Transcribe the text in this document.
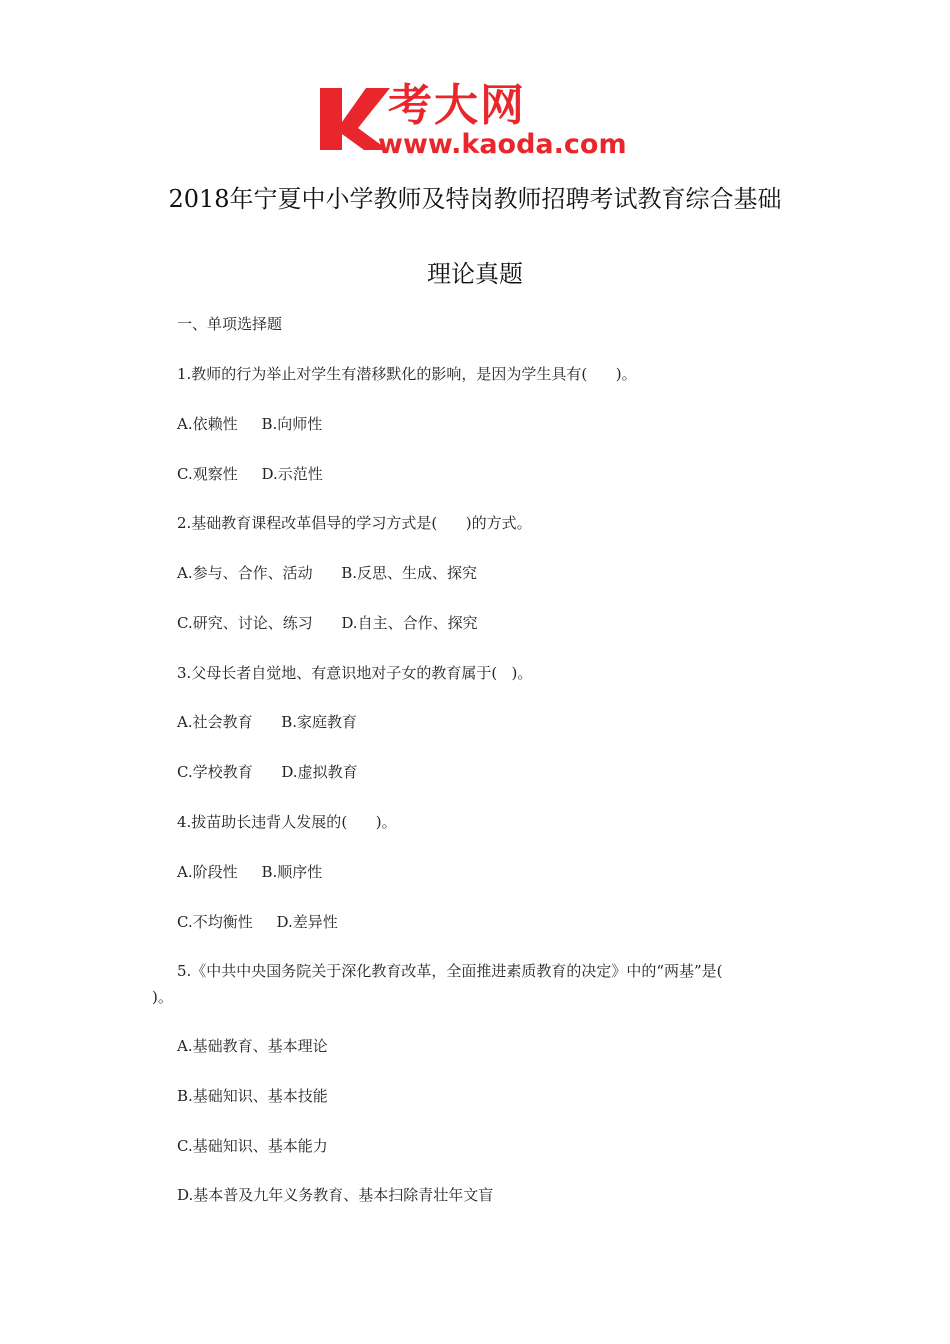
考大网
www.kaoda.com
2018年宁夏中小学教师及特岗教师招聘考试教育综合基础
理论真题
一、单项选择题
1.教师的行为举止对学生有潜移默化的影响，是因为学生具有(      )。
A.依赖性     B.向师性
C.观察性     D.示范性
2.基础教育课程改革倡导的学习方式是(      )的方式。
A.参与、合作、活动      B.反思、生成、探究
C.研究、讨论、练习      D.自主、合作、探究
3.父母长者自觉地、有意识地对子女的教育属于(   )。
A.社会教育      B.家庭教育
C.学校教育      D.虚拟教育
4.拔苗助长违背人发展的(      )。
A.阶段性     B.顺序性
C.不均衡性     D.差异性
5.《中共中央国务院关于深化教育改革，全面推进素质教育的决定》中的“两基”是(
)。
A.基础教育、基本理论
B.基础知识、基本技能
C.基础知识、基本能力
D.基本普及九年义务教育、基本扫除青壮年文盲
